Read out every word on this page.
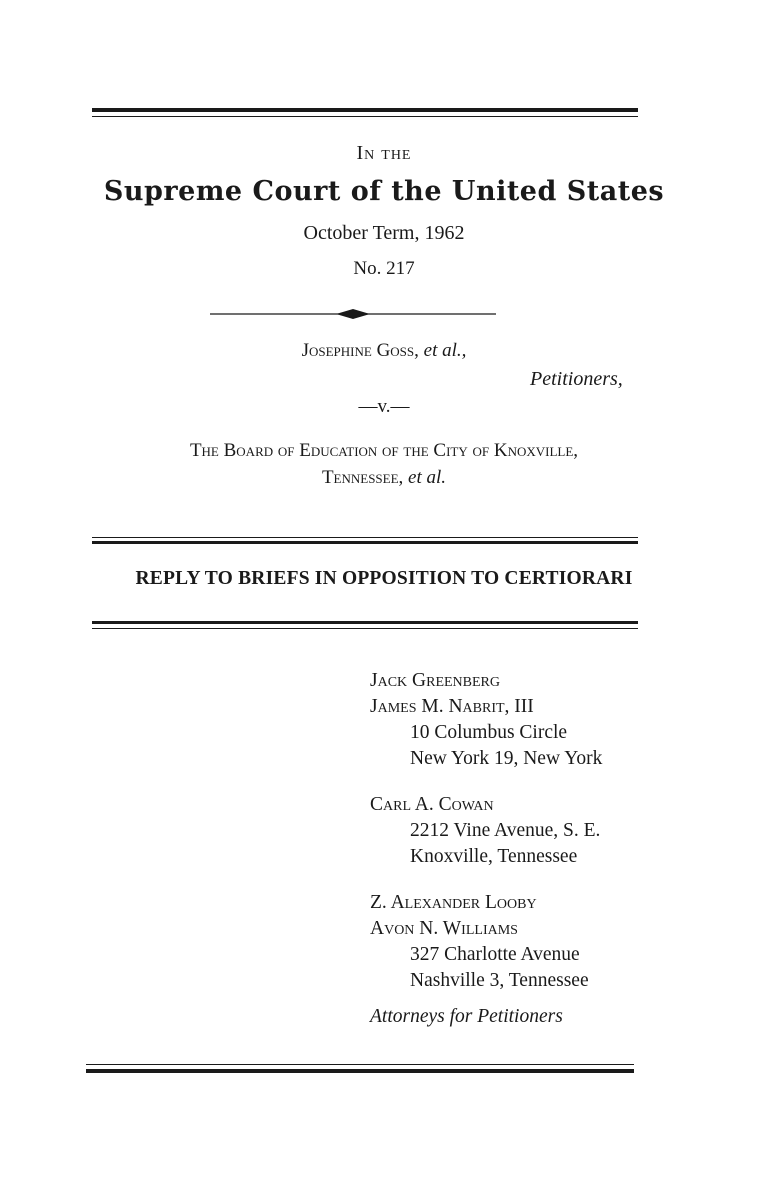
In the
Supreme Court of the United States
October Term, 1962
No. 217
Josephine Goss, et al.,
Petitioners,
—v.—
The Board of Education of the City of Knoxville,
Tennessee, et al.
REPLY TO BRIEFS IN OPPOSITION TO CERTIORARI
Jack Greenberg
James M. Nabrit, III
10 Columbus Circle
New York 19, New York
Carl A. Cowan
2212 Vine Avenue, S. E.
Knoxville, Tennessee
Z. Alexander Looby
Avon N. Williams
327 Charlotte Avenue
Nashville 3, Tennessee
Attorneys for Petitioners
